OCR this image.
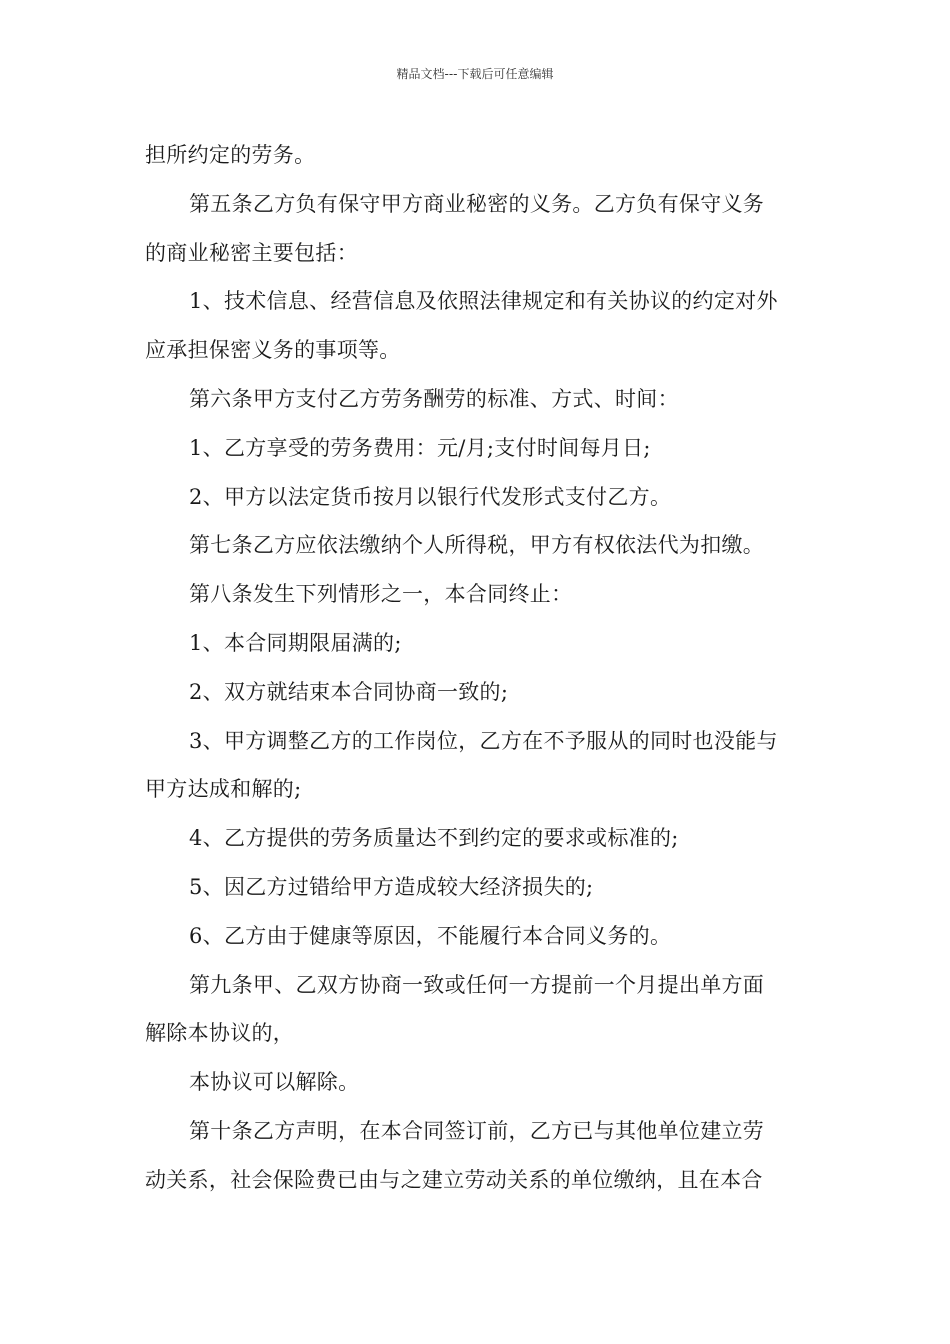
精品文档---下载后可任意编辑

担所约定的劳务。

第五条乙方负有保守甲方商业秘密的义务。乙方负有保守义务

的商业秘密主要包括：

1、技术信息、经营信息及依照法律规定和有关协议的约定对外

应承担保密义务的事项等。

第六条甲方支付乙方劳务酬劳的标准、方式、时间：

1、乙方享受的劳务费用：元/月;支付时间每月日;

2、甲方以法定货币按月以银行代发形式支付乙方。

第七条乙方应依法缴纳个人所得税，甲方有权依法代为扣缴。

第八条发生下列情形之一，本合同终止：

1、本合同期限届满的;

2、双方就结束本合同协商一致的;

3、甲方调整乙方的工作岗位，乙方在不予服从的同时也没能与

甲方达成和解的;

4、乙方提供的劳务质量达不到约定的要求或标准的;

5、因乙方过错给甲方造成较大经济损失的;

6、乙方由于健康等原因，不能履行本合同义务的。

第九条甲、乙双方协商一致或任何一方提前一个月提出单方面

解除本协议的，

本协议可以解除。

第十条乙方声明，在本合同签订前，乙方已与其他单位建立劳

动关系，社会保险费已由与之建立劳动关系的单位缴纳，且在本合
